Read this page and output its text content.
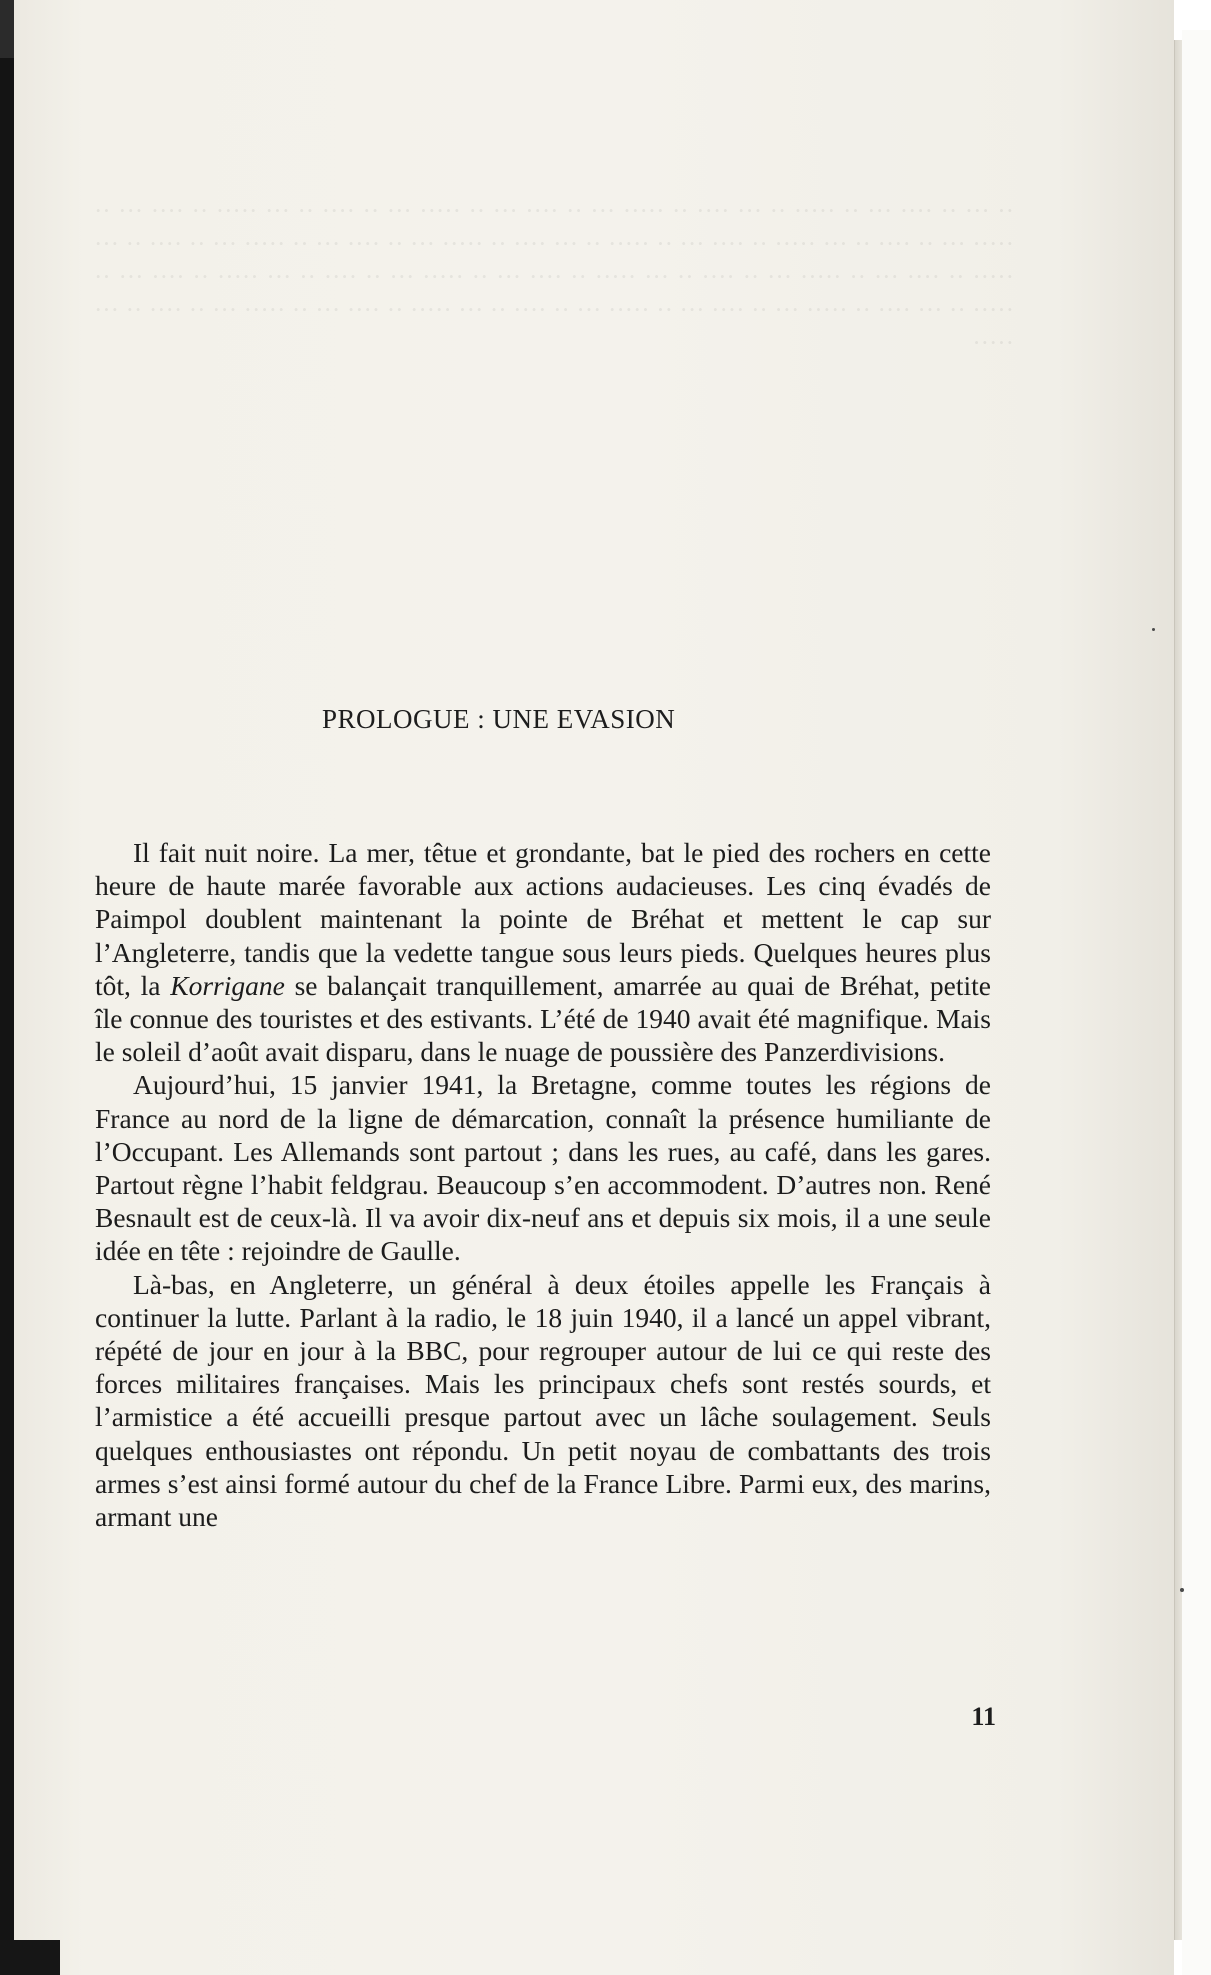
·· ··· ·· ···· ··· ·· ····· ·· ··· ···· ·· ····· ··· ·· ···· ··· ·· ····· ··· ·· ···· ·· ··· ····· ·· ···· ··· ·· ····· ··· ·· ···· ·· ··· ····· ·· ···· ··· ·· ····· ·· ··· ···· ·· ····· ··· ·· ···· ··· ·· ····· ··· ·· ···· ·· ··· ····· ·· ···· ··· ·· ····· ··· ·· ···· ·· ··· ····· ·· ···· ··· ·· ····· ··· ·· ···· ·· ··· ····· ·· ···· ··· ·· ····· ·· ··· ···· ·· ····· ··· ·· ···· ··· ·· ····· ··· ·· ···· ·· ··· ····· ·· ···· ··· ·· ····· ··· ·· ···· ·· ··· ·····
PROLOGUE : UNE EVASION

Il fait nuit noire. La mer, têtue et grondante, bat le pied des rochers en cette heure de haute marée favorable aux actions audacieuses. Les cinq évadés de Paimpol doublent maintenant la pointe de Bréhat et mettent le cap sur l’Angleterre, tandis que la vedette tangue sous leurs pieds. Quelques heures plus tôt, la Korrigane se balançait tranquillement, amarrée au quai de Bréhat, petite île connue des touristes et des estivants. L’été de 1940 avait été magnifique. Mais le soleil d’août avait disparu, dans le nuage de poussière des Panzerdivisions.

Aujourd’hui, 15 janvier 1941, la Bretagne, comme toutes les régions de France au nord de la ligne de démarcation, connaît la présence humiliante de l’Occupant. Les Allemands sont partout ; dans les rues, au café, dans les gares. Partout règne l’habit feldgrau. Beaucoup s’en accommodent. D’autres non. René Besnault est de ceux-là. Il va avoir dix-neuf ans et depuis six mois, il a une seule idée en tête : rejoindre de Gaulle.

Là-bas, en Angleterre, un général à deux étoiles appelle les Français à continuer la lutte. Parlant à la radio, le 18 juin 1940, il a lancé un appel vibrant, répété de jour en jour à la BBC, pour regrouper autour de lui ce qui reste des forces militaires françaises. Mais les principaux chefs sont restés sourds, et l’armistice a été accueilli presque partout avec un lâche soulagement. Seuls quelques enthousiastes ont répondu. Un petit noyau de combattants des trois armes s’est ainsi formé autour du chef de la France Libre. Parmi eux, des marins, armant une

11
